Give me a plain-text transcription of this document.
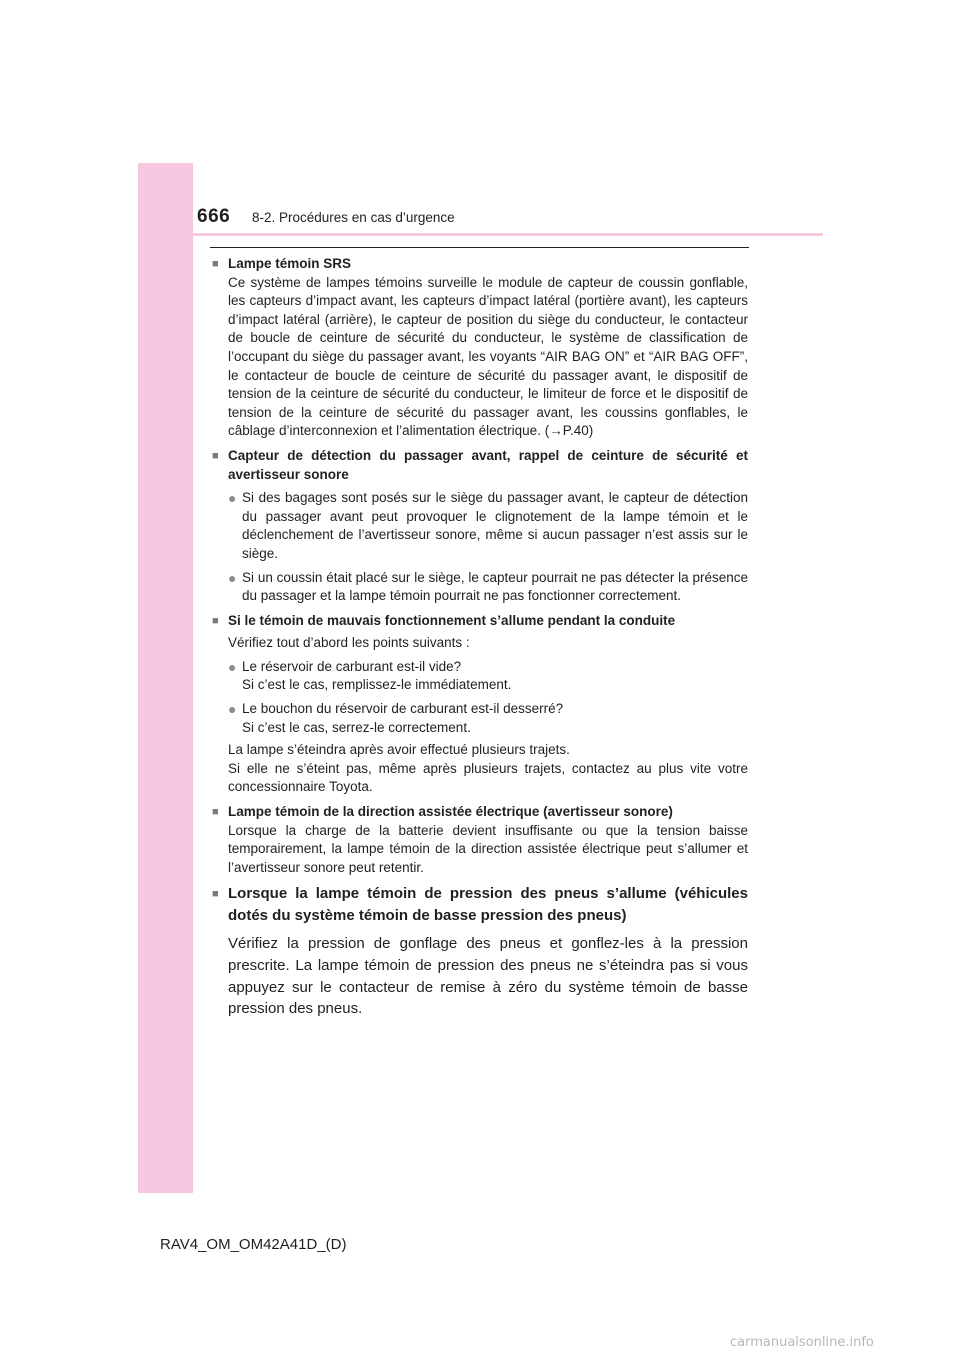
666 8-2. Procédures en cas d’urgence
■ Lampe témoin SRS
Ce système de lampes témoins surveille le module de capteur de coussin gonflable, les capteurs d’impact avant, les capteurs d’impact latéral (portière avant), les capteurs d’impact latéral (arrière), le capteur de position du siège du conducteur, le contacteur de boucle de ceinture de sécurité du conducteur, le système de classification de l’occupant du siège du passager avant, les voyants “AIR BAG ON” et “AIR BAG OFF”, le contacteur de boucle de ceinture de sécurité du passager avant, le dispositif de tension de la ceinture de sécurité du conducteur, le limiteur de force et le dispositif de tension de la ceinture de sécurité du passager avant, les coussins gonflables, le câblage d’interconnexion et l’alimentation électrique. (→P.40)
■ Capteur de détection du passager avant, rappel de ceinture de sécurité et avertisseur sonore
● Si des bagages sont posés sur le siège du passager avant, le capteur de détection du passager avant peut provoquer le clignotement de la lampe témoin et le déclenchement de l’avertisseur sonore, même si aucun passager n’est assis sur le siège.
● Si un coussin était placé sur le siège, le capteur pourrait ne pas détecter la présence du passager et la lampe témoin pourrait ne pas fonctionner correctement.
■ Si le témoin de mauvais fonctionnement s’allume pendant la conduite
Vérifiez tout d’abord les points suivants :
● Le réservoir de carburant est-il vide?
Si c’est le cas, remplissez-le immédiatement.
● Le bouchon du réservoir de carburant est-il desserré?
Si c’est le cas, serrez-le correctement.
La lampe s’éteindra après avoir effectué plusieurs trajets.
Si elle ne s’éteint pas, même après plusieurs trajets, contactez au plus vite votre concessionnaire Toyota.
■ Lampe témoin de la direction assistée électrique (avertisseur sonore)
Lorsque la charge de la batterie devient insuffisante ou que la tension baisse temporairement, la lampe témoin de la direction assistée électrique peut s’allumer et l’avertisseur sonore peut retentir.
■ Lorsque la lampe témoin de pression des pneus s’allume (véhicules dotés du système témoin de basse pression des pneus)
Vérifiez la pression de gonflage des pneus et gonflez-les à la pression prescrite. La lampe témoin de pression des pneus ne s’éteindra pas si vous appuyez sur le contacteur de remise à zéro du système témoin de basse pression des pneus.
RAV4_OM_OM42A41D_(D)
carmanualsonline.info
